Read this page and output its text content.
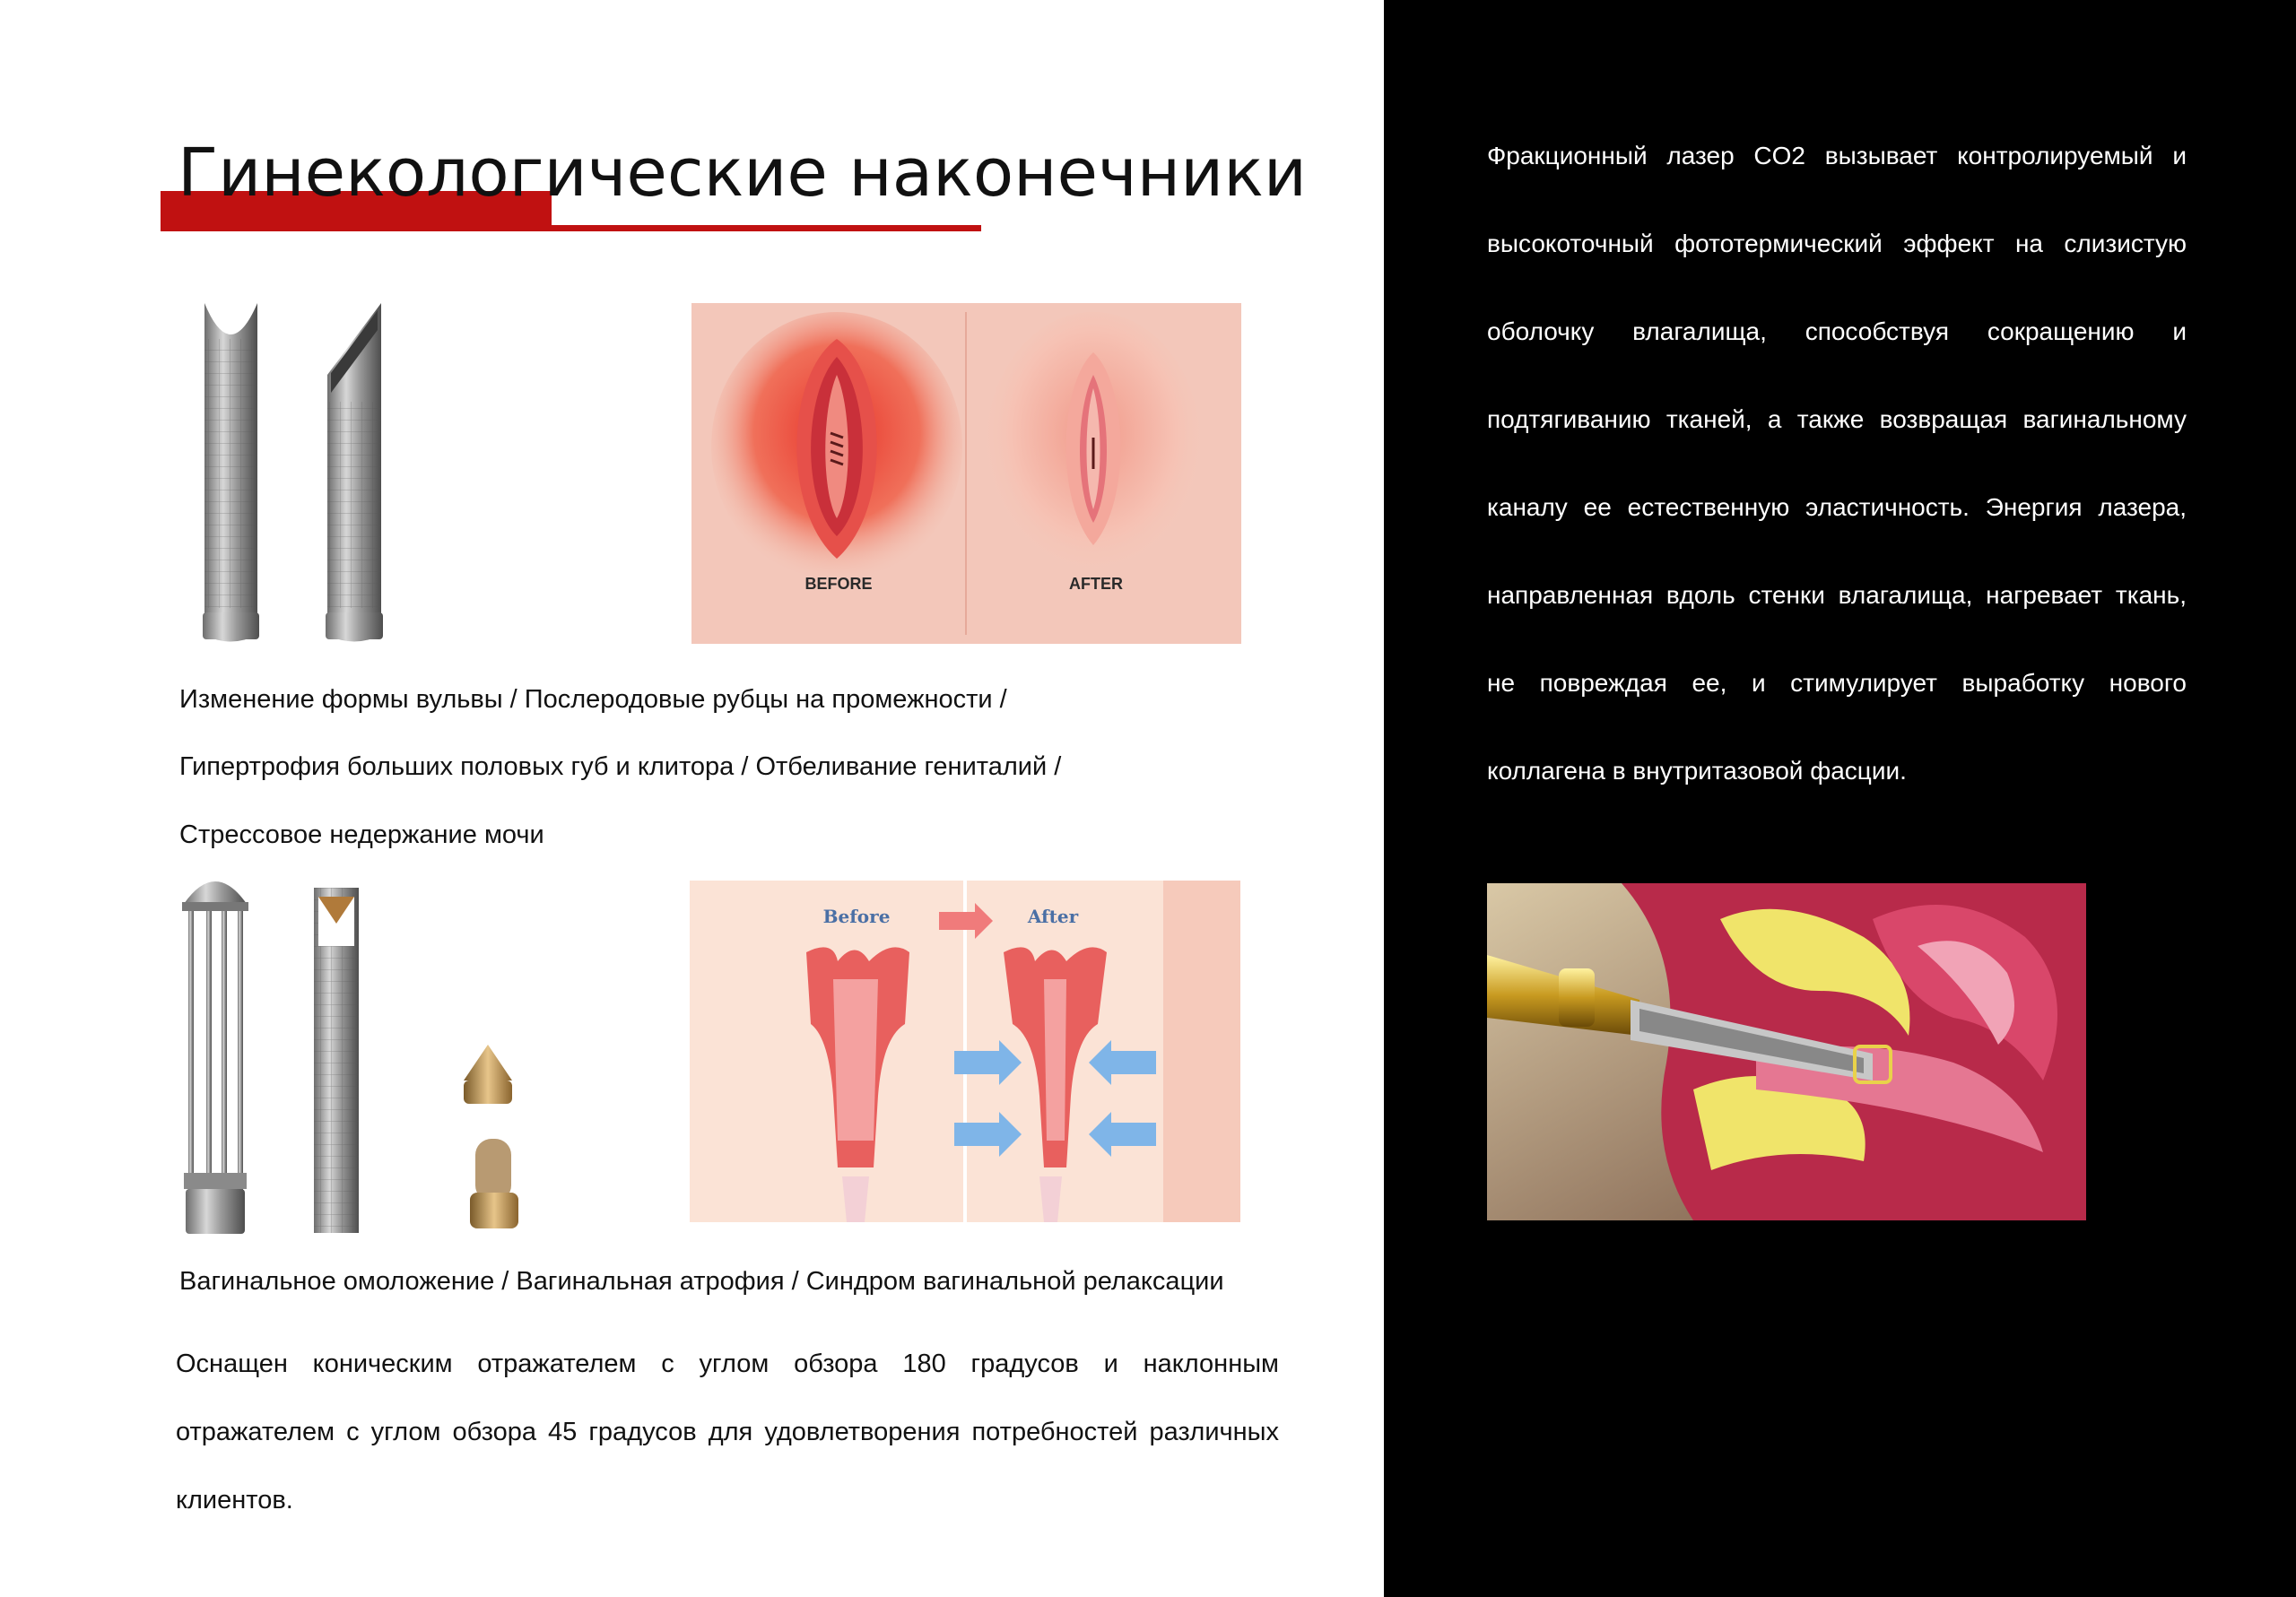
Гинекологические наконечники
BEFORE	AFTER
Изменение формы вульвы / Послеродовые рубцы на промежности /
Гипертрофия больших половых губ и клитора / Отбеливание гениталий /
Стрессовое недержание мочи
Before	After
Вагинальное омоложение / Вагинальная атрофия / Синдром вагинальной релаксации
Оснащен коническим отражателем с углом обзора 180 градусов и наклонным отражателем с углом обзора 45 градусов для удовлетворения потребностей различных клиентов.
Фракционный лазер CO2 вызывает контролируемый и высокоточный фототермический эффект на слизистую оболочку влагалища, способствуя сокращению и подтягиванию тканей, а также возвращая вагинальному каналу ее естественную эластичность. Энергия лазера, направленная вдоль стенки влагалища, нагревает ткань, не повреждая ее, и стимулирует выработку нового коллагена в внутритазовой фасции.
